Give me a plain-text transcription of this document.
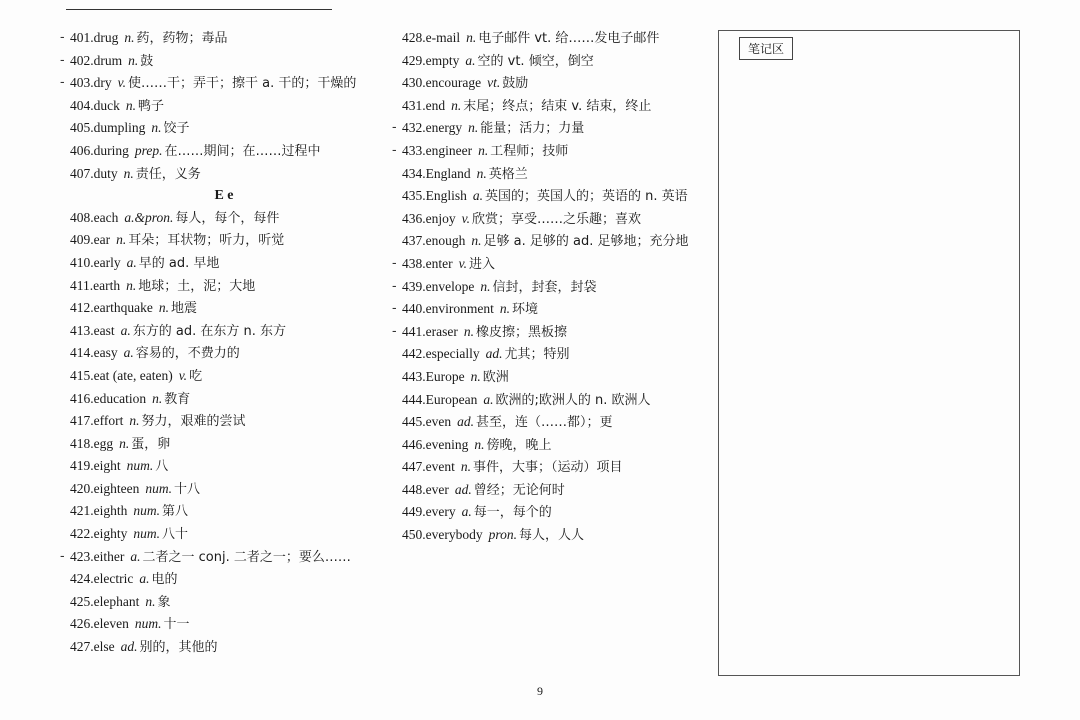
- 401.drug n. 药，药物；毒品
- 402.drum n. 鼓
- 403.dry v. 使……干；弄干；擦干 a. 干的；干燥的
404.duck n. 鸭子
405.dumpling n. 饺子
406.during prep. 在……期间；在……过程中
407.duty n. 责任，义务
E e
408.each a.&pron. 每人，每个，每件
409.ear n. 耳朵；耳状物；听力，听觉
410.early a. 早的 ad. 早地
411.earth n. 地球；土，泥；大地
412.earthquake n. 地震
413.east a. 东方的 ad. 在东方 n. 东方
414.easy a. 容易的，不费力的
415.eat (ate, eaten) v. 吃
416.education n. 教育
417.effort n. 努力，艰难的尝试
418.egg n. 蛋，卵
419.eight num. 八
420.eighteen num. 十八
421.eighth num. 第八
422.eighty num. 八十
- 423.either a. 二者之一 conj. 二者之一；要么……
424.electric a. 电的
425.elephant n. 象
426.eleven num. 十一
427.else ad. 别的，其他的
428.e-mail n. 电子邮件 vt. 给……发电子邮件
429.empty a. 空的 vt. 倾空，倒空
430.encourage vt. 鼓励
431.end n. 末尾；终点；结束 v. 结束，终止
- 432.energy n. 能量；活力；力量
- 433.engineer n. 工程师；技师
434.England n. 英格兰
435.English a. 英国的；英国人的；英语的 n. 英语
436.enjoy v. 欣赏；享受……之乐趣；喜欢
437.enough n. 足够 a. 足够的 ad. 足够地；充分地
- 438.enter v. 进入
- 439.envelope n. 信封，封套，封袋
- 440.environment n. 环境
- 441.eraser n. 橡皮擦；黑板擦
442.especially ad. 尤其；特别
443.Europe n. 欧洲
444.European a. 欧洲的;欧洲人的 n. 欧洲人
445.even ad. 甚至，连（……都）；更
446.evening n. 傍晚，晚上
447.event n. 事件，大事；（运动）项目
448.ever ad. 曾经；无论何时
449.every a. 每一，每个的
450.everybody pron. 每人，人人
笔记区
9
